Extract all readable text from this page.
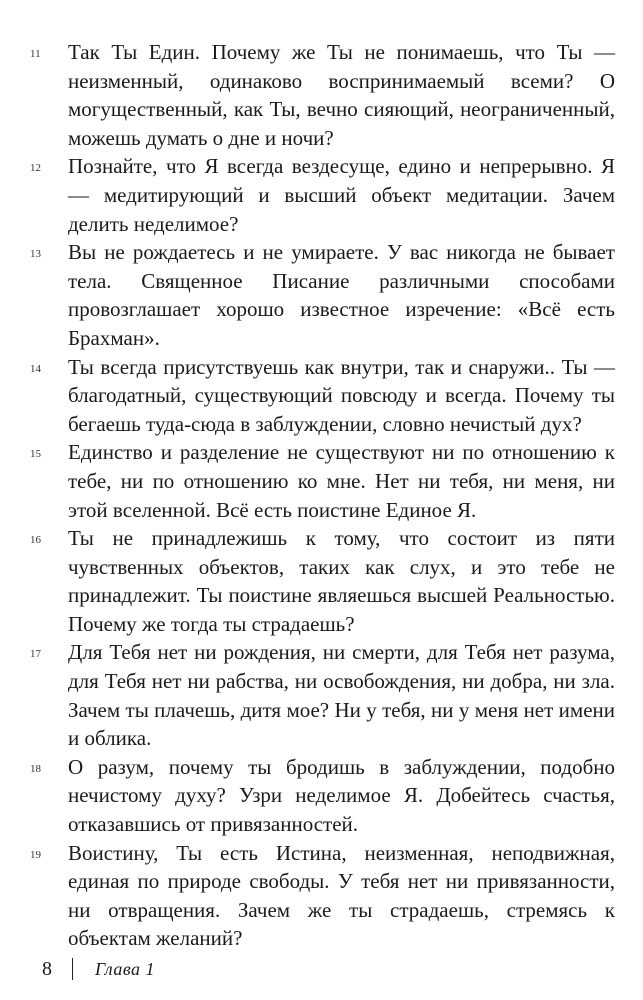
11 Так Ты Един. Почему же Ты не понимаешь, что Ты — неизменный, одинаково воспринимаемый всеми? О могущественный, как Ты, вечно сияющий, неограниченный, можешь думать о дне и ночи?

12 Познайте, что Я всегда вездесуще, едино и непрерывно. Я — медитирующий и высший объект медитации. Зачем делить неделимое?

13 Вы не рождаетесь и не умираете. У вас никогда не бывает тела. Священное Писание различными способами провозглашает хорошо известное изречение: «Всё есть Брахман».

14 Ты всегда присутствуешь как внутри, так и снаружи.. Ты — благодатный, существующий повсюду и всегда. Почему ты бегаешь туда-сюда в заблуждении, словно нечистый дух?

15 Единство и разделение не существуют ни по отношению к тебе, ни по отношению ко мне. Нет ни тебя, ни меня, ни этой вселенной. Всё есть поистине Единое Я.

16 Ты не принадлежишь к тому, что состоит из пяти чувственных объектов, таких как слух, и это тебе не принадлежит. Ты поистине являешься высшей Реальностью. Почему же тогда ты страдаешь?

17 Для Тебя нет ни рождения, ни смерти, для Тебя нет разума, для Тебя нет ни рабства, ни освобождения, ни добра, ни зла. Зачем ты плачешь, дитя мое? Ни у тебя, ни у меня нет имени и облика.

18 О разум, почему ты бродишь в заблуждении, подобно нечистому духу? Узри неделимое Я. Добейтесь счастья, отказавшись от привязанностей.

19 Воистину, Ты есть Истина, неизменная, неподвижная, единая по природе свободы. У тебя нет ни привязанности, ни отвращения. Зачем же ты страдаешь, стремясь к объектам желаний?

8 Глава 1
